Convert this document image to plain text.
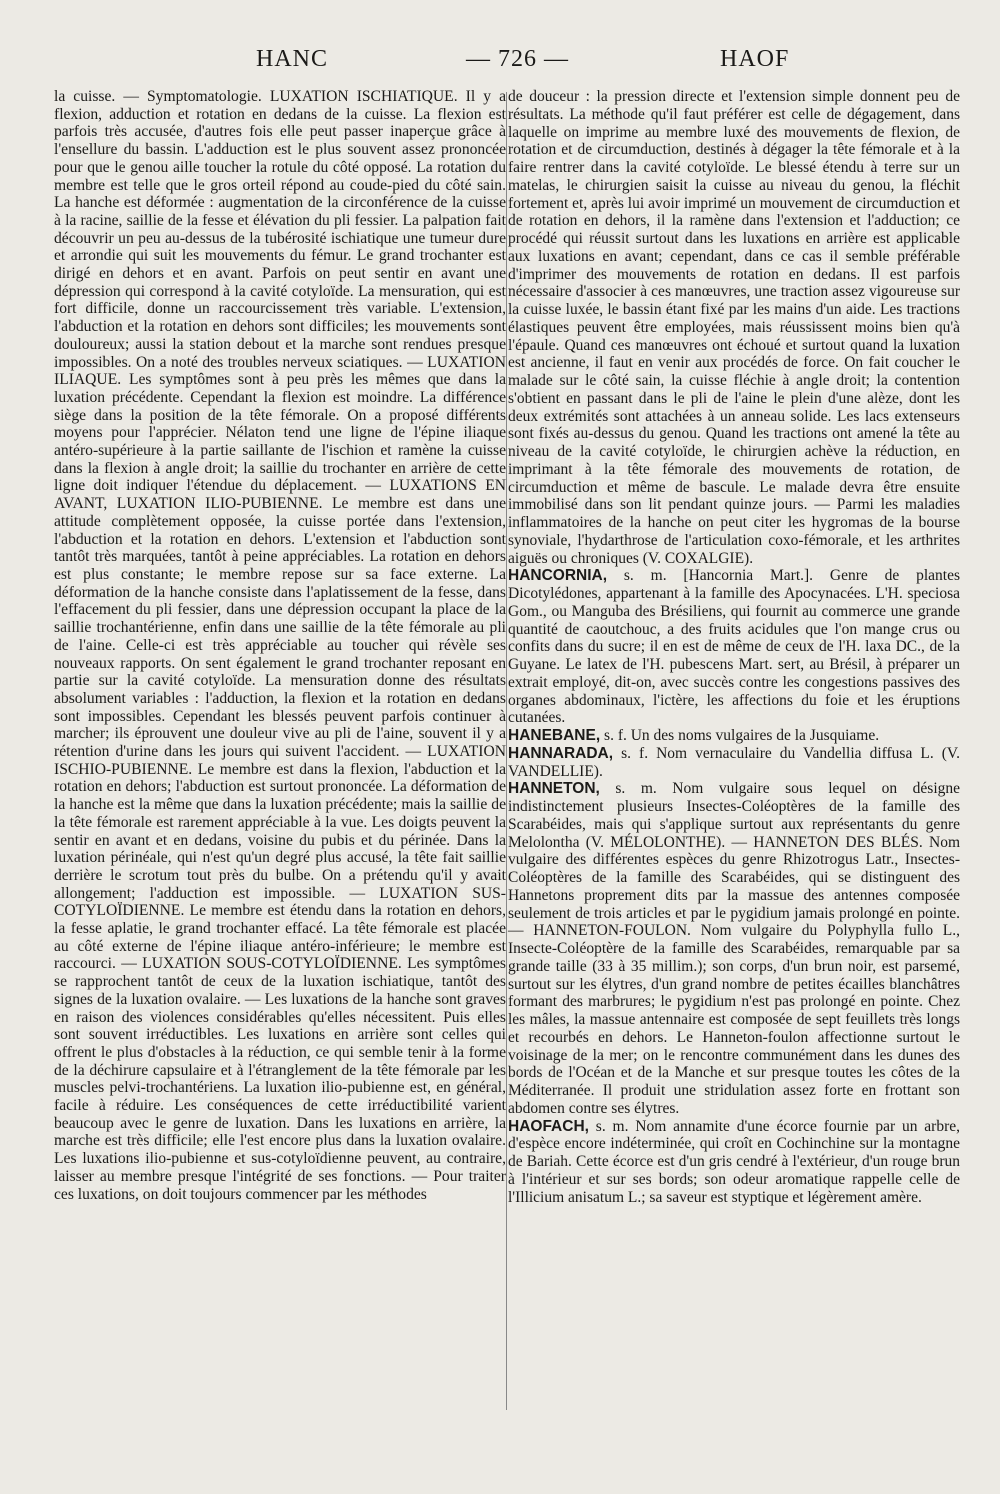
HANC	— 726 —	HAOF

la cuisse. — Symptomatologie. LUXATION ISCHIATIQUE. Il y a flexion, adduction et rotation en dedans de la cuisse. La flexion est parfois très accusée, d'autres fois elle peut passer inaperçue grâce à l'ensellure du bassin. L'adduction est le plus souvent assez prononcée pour que le genou aille toucher la rotule du côté opposé. La rotation du membre est telle que le gros orteil répond au coude-pied du côté sain. La hanche est déformée : augmentation de la circonférence de la cuisse à la racine, saillie de la fesse et élévation du pli fessier. La palpation fait découvrir un peu au-dessus de la tubérosité ischiatique une tumeur dure et arrondie qui suit les mouvements du fémur. Le grand trochanter est dirigé en dehors et en avant. Parfois on peut sentir en avant une dépression qui correspond à la cavité cotyloïde. La mensuration, qui est fort difficile, donne un raccourcissement très variable. L'extension, l'abduction et la rotation en dehors sont difficiles; les mouvements sont douloureux; aussi la station debout et la marche sont rendues presque impossibles. On a noté des troubles nerveux sciatiques. — LUXATION ILIAQUE. Les symptômes sont à peu près les mêmes que dans la luxation précédente. Cependant la flexion est moindre. La différence siège dans la position de la tête fémorale. On a proposé différents moyens pour l'apprécier. Nélaton tend une ligne de l'épine iliaque antéro-supérieure à la partie saillante de l'ischion et ramène la cuisse dans la flexion à angle droit; la saillie du trochanter en arrière de cette ligne doit indiquer l'étendue du déplacement. — LUXATIONS EN AVANT, LUXATION ILIO-PUBIENNE. Le membre est dans une attitude complètement opposée, la cuisse portée dans l'extension, l'abduction et la rotation en dehors. L'extension et l'abduction sont tantôt très marquées, tantôt à peine appréciables. La rotation en dehors est plus constante; le membre repose sur sa face externe. La déformation de la hanche consiste dans l'aplatissement de la fesse, dans l'effacement du pli fessier, dans une dépression occupant la place de la saillie trochantérienne, enfin dans une saillie de la tête fémorale au pli de l'aine. Celle-ci est très appréciable au toucher qui révèle ses nouveaux rapports. On sent également le grand trochanter reposant en partie sur la cavité cotyloïde. La mensuration donne des résultats absolument variables : l'adduction, la flexion et la rotation en dedans sont impossibles. Cependant les blessés peuvent parfois continuer à marcher; ils éprouvent une douleur vive au pli de l'aine, souvent il y a rétention d'urine dans les jours qui suivent l'accident. — LUXATION ISCHIO-PUBIENNE. Le membre est dans la flexion, l'abduction et la rotation en dehors; l'abduction est surtout prononcée. La déformation de la hanche est la même que dans la luxation précédente; mais la saillie de la tête fémorale est rarement appréciable à la vue. Les doigts peuvent la sentir en avant et en dedans, voisine du pubis et du périnée. Dans la luxation périnéale, qui n'est qu'un degré plus accusé, la tête fait saillie derrière le scrotum tout près du bulbe. On a prétendu qu'il y avait allongement; l'adduction est impossible. — LUXATION SUS-COTYLOÏDIENNE. Le membre est étendu dans la rotation en dehors, la fesse aplatie, le grand trochanter effacé. La tête fémorale est placée au côté externe de l'épine iliaque antéro-inférieure; le membre est raccourci. — LUXATION SOUS-COTYLOÏDIENNE. Les symptômes se rapprochent tantôt de ceux de la luxation ischiatique, tantôt des signes de la luxation ovalaire. — Les luxations de la hanche sont graves en raison des violences considérables qu'elles nécessitent. Puis elles sont souvent irréductibles. Les luxations en arrière sont celles qui offrent le plus d'obstacles à la réduction, ce qui semble tenir à la forme de la déchirure capsulaire et à l'étranglement de la tête fémorale par les muscles pelvi-trochantériens. La luxation ilio-pubienne est, en général, facile à réduire. Les conséquences de cette irréductibilité varient beaucoup avec le genre de luxation. Dans les luxations en arrière, la marche est très difficile; elle l'est encore plus dans la luxation ovalaire. Les luxations ilio-pubienne et sus-cotyloïdienne peuvent, au contraire, laisser au membre presque l'intégrité de ses fonctions. — Pour traiter ces luxations, on doit toujours commencer par les méthodes

de douceur : la pression directe et l'extension simple donnent peu de résultats. La méthode qu'il faut préférer est celle de dégagement, dans laquelle on imprime au membre luxé des mouvements de flexion, de rotation et de circumduction, destinés à dégager la tête fémorale et à la faire rentrer dans la cavité cotyloïde. Le blessé étendu à terre sur un matelas, le chirurgien saisit la cuisse au niveau du genou, la fléchit fortement et, après lui avoir imprimé un mouvement de circumduction et de rotation en dehors, il la ramène dans l'extension et l'adduction; ce procédé qui réussit surtout dans les luxations en arrière est applicable aux luxations en avant; cependant, dans ce cas il semble préférable d'imprimer des mouvements de rotation en dedans. Il est parfois nécessaire d'associer à ces manœuvres, une traction assez vigoureuse sur la cuisse luxée, le bassin étant fixé par les mains d'un aide. Les tractions élastiques peuvent être employées, mais réussissent moins bien qu'à l'épaule. Quand ces manœuvres ont échoué et surtout quand la luxation est ancienne, il faut en venir aux procédés de force. On fait coucher le malade sur le côté sain, la cuisse fléchie à angle droit; la contention s'obtient en passant dans le pli de l'aine le plein d'une alèze, dont les deux extrémités sont attachées à un anneau solide. Les lacs extenseurs sont fixés au-dessus du genou. Quand les tractions ont amené la tête au niveau de la cavité cotyloïde, le chirurgien achève la réduction, en imprimant à la tête fémorale des mouvements de rotation, de circumduction et même de bascule. Le malade devra être ensuite immobilisé dans son lit pendant quinze jours. — Parmi les maladies inflammatoires de la hanche on peut citer les hygromas de la bourse synoviale, l'hydarthrose de l'articulation coxo-fémorale, et les arthrites aiguës ou chroniques (V. COXALGIE).

HANCORNIA, s. m. [Hancornia Mart.]. Genre de plantes Dicotylédones, appartenant à la famille des Apocynacées. L'H. speciosa Gom., ou Manguba des Brésiliens, qui fournit au commerce une grande quantité de caoutchouc, a des fruits acidules que l'on mange crus ou confits dans du sucre; il en est de même de ceux de l'H. laxa DC., de la Guyane. Le latex de l'H. pubescens Mart. sert, au Brésil, à préparer un extrait employé, dit-on, avec succès contre les congestions passives des organes abdominaux, l'ictère, les affections du foie et les éruptions cutanées.

HANEBANE, s. f. Un des noms vulgaires de la Jusquiame.

HANNARADA, s. f. Nom vernaculaire du Vandellia diffusa L. (V. VANDELLIE).

HANNETON, s. m. Nom vulgaire sous lequel on désigne indistinctement plusieurs Insectes-Coléoptères de la famille des Scarabéides, mais qui s'applique surtout aux représentants du genre Melolontha (V. MÉLOLONTHE). — HANNETON DES BLÉS. Nom vulgaire des différentes espèces du genre Rhizotrogus Latr., Insectes-Coléoptères de la famille des Scarabéides, qui se distinguent des Hannetons proprement dits par la massue des antennes composée seulement de trois articles et par le pygidium jamais prolongé en pointe. — HANNETON-FOULON. Nom vulgaire du Polyphylla fullo L., Insecte-Coléoptère de la famille des Scarabéides, remarquable par sa grande taille (33 à 35 millim.); son corps, d'un brun noir, est parsemé, surtout sur les élytres, d'un grand nombre de petites écailles blanchâtres formant des marbrures; le pygidium n'est pas prolongé en pointe. Chez les mâles, la massue antennaire est composée de sept feuillets très longs et recourbés en dehors. Le Hanneton-foulon affectionne surtout le voisinage de la mer; on le rencontre communément dans les dunes des bords de l'Océan et de la Manche et sur presque toutes les côtes de la Méditerranée. Il produit une stridulation assez forte en frottant son abdomen contre ses élytres.

HAOFACH, s. m. Nom annamite d'une écorce fournie par un arbre, d'espèce encore indéterminée, qui croît en Cochinchine sur la montagne de Bariah. Cette écorce est d'un gris cendré à l'extérieur, d'un rouge brun à l'intérieur et sur ses bords; son odeur aromatique rappelle celle de l'Illicium anisatum L.; sa saveur est styptique et légèrement amère.
